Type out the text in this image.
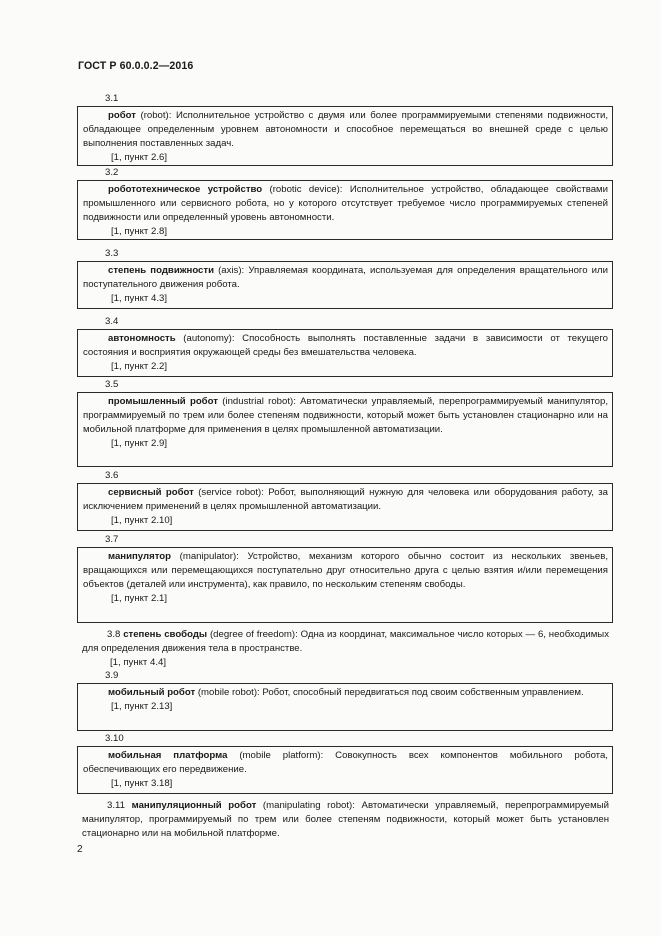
ГОСТ Р 60.0.0.2—2016
3.1

робот (robot): Исполнительное устройство с двумя или более программируемыми степенями подвижности, обладающее определенным уровнем автономности и способное перемещаться во внешней среде с целью выполнения поставленных задач.

[1, пункт 2.6]

3.2

робототехническое устройство (robotic device): Исполнительное устройство, обладающее свойствами промышленного или сервисного робота, но у которого отсутствует требуемое число программируемых степеней подвижности или определенный уровень автономности.

[1, пункт 2.8]

3.3

степень подвижности (axis): Управляемая координата, используемая для определения вращательного или поступательного движения робота.

[1, пункт 4.3]

3.4

автономность (autonomy): Способность выполнять поставленные задачи в зависимости от текущего состояния и восприятия окружающей среды без вмешательства человека.

[1, пункт 2.2]

3.5

промышленный робот (industrial robot): Автоматически управляемый, перепрограммируемый манипулятор, программируемый по трем или более степеням подвижности, который может быть установлен стационарно или на мобильной платформе для применения в целях промышленной автоматизации.

[1, пункт 2.9]

3.6

сервисный робот (service robot): Робот, выполняющий нужную для человека или оборудования работу, за исключением применений в целях промышленной автоматизации.

[1, пункт 2.10]

3.7

манипулятор (manipulator): Устройство, механизм которого обычно состоит из нескольких звеньев, вращающихся или перемещающихся поступательно друг относительно друга с целью взятия и/или перемещения объектов (деталей или инструмента), как правило, по нескольким степеням свободы.

[1, пункт 2.1]

3.8 степень свободы (degree of freedom): Одна из координат, максимальное число которых — 6, необходимых для определения движения тела в пространстве.

[1, пункт 4.4]

3.9

мобильный робот (mobile robot): Робот, способный передвигаться под своим собственным управлением.

[1, пункт 2.13]

3.10

мобильная платформа (mobile platform): Совокупность всех компонентов мобильного робота, обеспечивающих его передвижение.

[1, пункт 3.18]

3.11 манипуляционный робот (manipulating robot): Автоматически управляемый, перепрограммируемый манипулятор, программируемый по трем или более степеням подвижности, который может быть установлен стационарно или на мобильной платформе.

2
